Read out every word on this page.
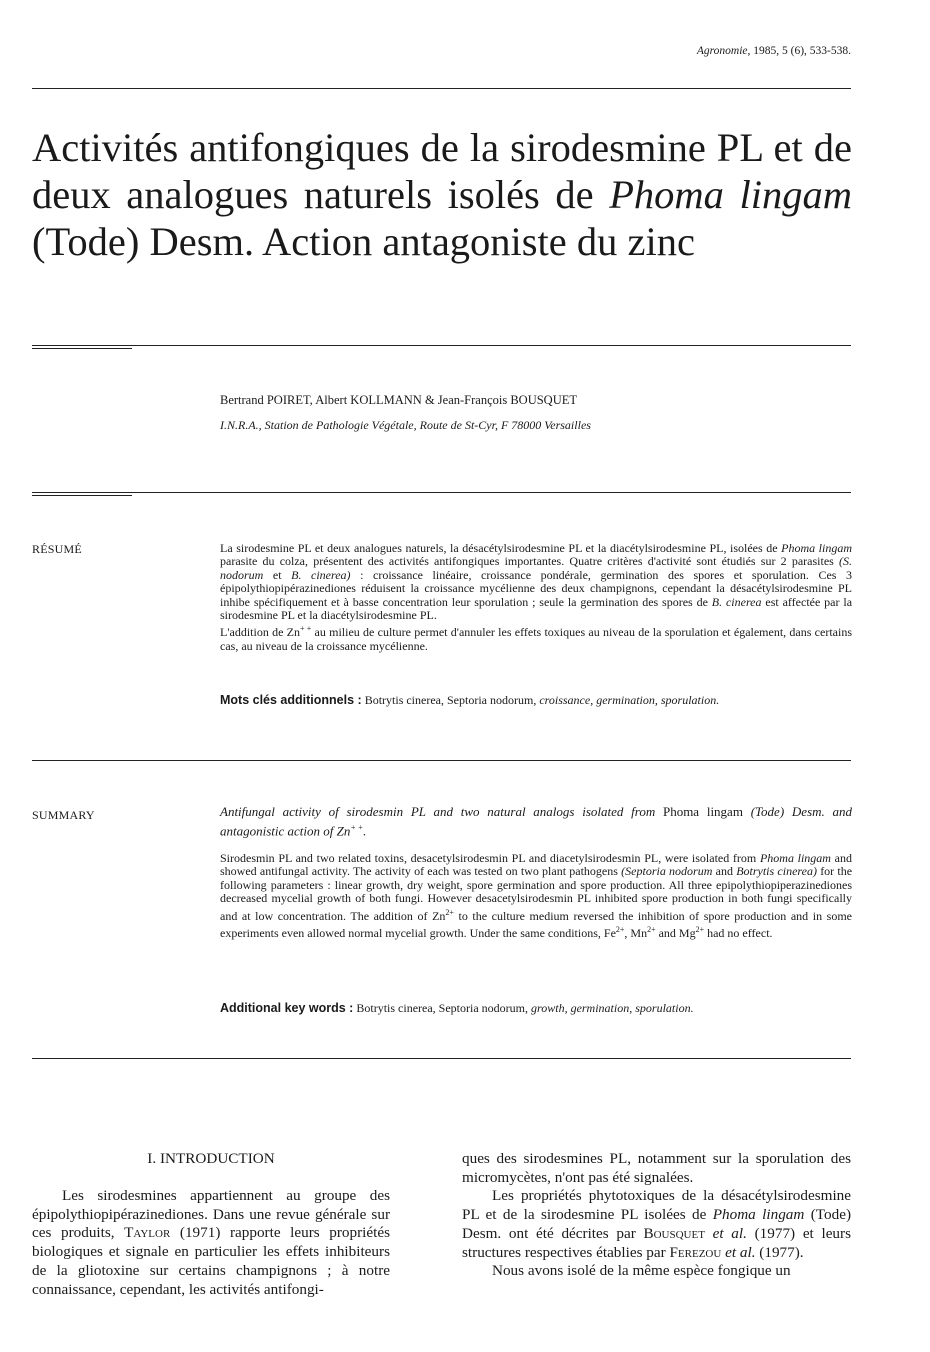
Agronomie, 1985, 5 (6), 533-538.
Activités antifongiques de la sirodesmine PL et de deux analogues naturels isolés de Phoma lingam (Tode) Desm. Action antagoniste du zinc
Bertrand POIRET, Albert KOLLMANN & Jean-François BOUSQUET
I.N.R.A., Station de Pathologie Végétale, Route de St-Cyr, F 78000 Versailles
RÉSUMÉ	La sirodesmine PL et deux analogues naturels, la désacétylsirodesmine PL et la diacétylsirodesmine PL, isolées de Phoma lingam parasite du colza, présentent des activités antifongiques importantes. Quatre critères d'activité sont étudiés sur 2 parasites (S. nodorum et B. cinerea) : croissance linéaire, croissance pondérale, germination des spores et sporulation. Ces 3 épipolythiopipérazinediones réduisent la croissance mycélienne des deux champignons, cependant la désacétylsirodesmine PL inhibe spécifiquement et à basse concentration leur sporulation ; seule la germination des spores de B. cinerea est affectée par la sirodesmine PL et la diacétylsirodesmine PL.

L'addition de Zn+ + au milieu de culture permet d'annuler les effets toxiques au niveau de la sporulation et également, dans certains cas, au niveau de la croissance mycélienne.

Mots clés additionnels : Botrytis cinerea, Septoria nodorum, croissance, germination, sporulation.
SUMMARY	Antifungal activity of sirodesmin PL and two natural analogs isolated from Phoma lingam (Tode) Desm. and antagonistic action of Zn+ +.

Sirodesmin PL and two related toxins, desacetylsirodesmin PL and diacetylsirodesmin PL, were isolated from Phoma lingam and showed antifungal activity. The activity of each was tested on two plant pathogens (Septoria nodorum and Botrytis cinerea) for the following parameters : linear growth, dry weight, spore germination and spore production. All three epipolythiopiperazinediones decreased mycelial growth of both fungi. However desacetylsirodesmin PL inhibited spore production in both fungi specifically and at low concentration. The addition of $Zn^{2+}$ to the culture medium reversed the inhibition of spore production and in some experiments even allowed normal mycelial growth. Under the same conditions, $Fe^{2+}$, $Mn^{2+}$ and $Mg^{2+}$ had no effect.

Additional key words : Botrytis cinerea, Septoria nodorum, growth, germination, sporulation.
I. INTRODUCTION

Les sirodesmines appartiennent au groupe des épipolythiopipérazinediones. Dans une revue générale sur ces produits, Taylor (1971) rapporte leurs propriétés biologiques et signale en particulier les effets inhibiteurs de la gliotoxine sur certains champignons ; à notre connaissance, cependant, les activités antifongi-

ques des sirodesmines PL, notamment sur la sporulation des micromycètes, n'ont pas été signalées.

Les propriétés phytotoxiques de la désacétylsirodesmine PL et de la sirodesmine PL isolées de Phoma lingam (Tode) Desm. ont été décrites par Bousquet et al. (1977) et leurs structures respectives établies par Ferezou et al. (1977).

Nous avons isolé de la même espèce fongique un
